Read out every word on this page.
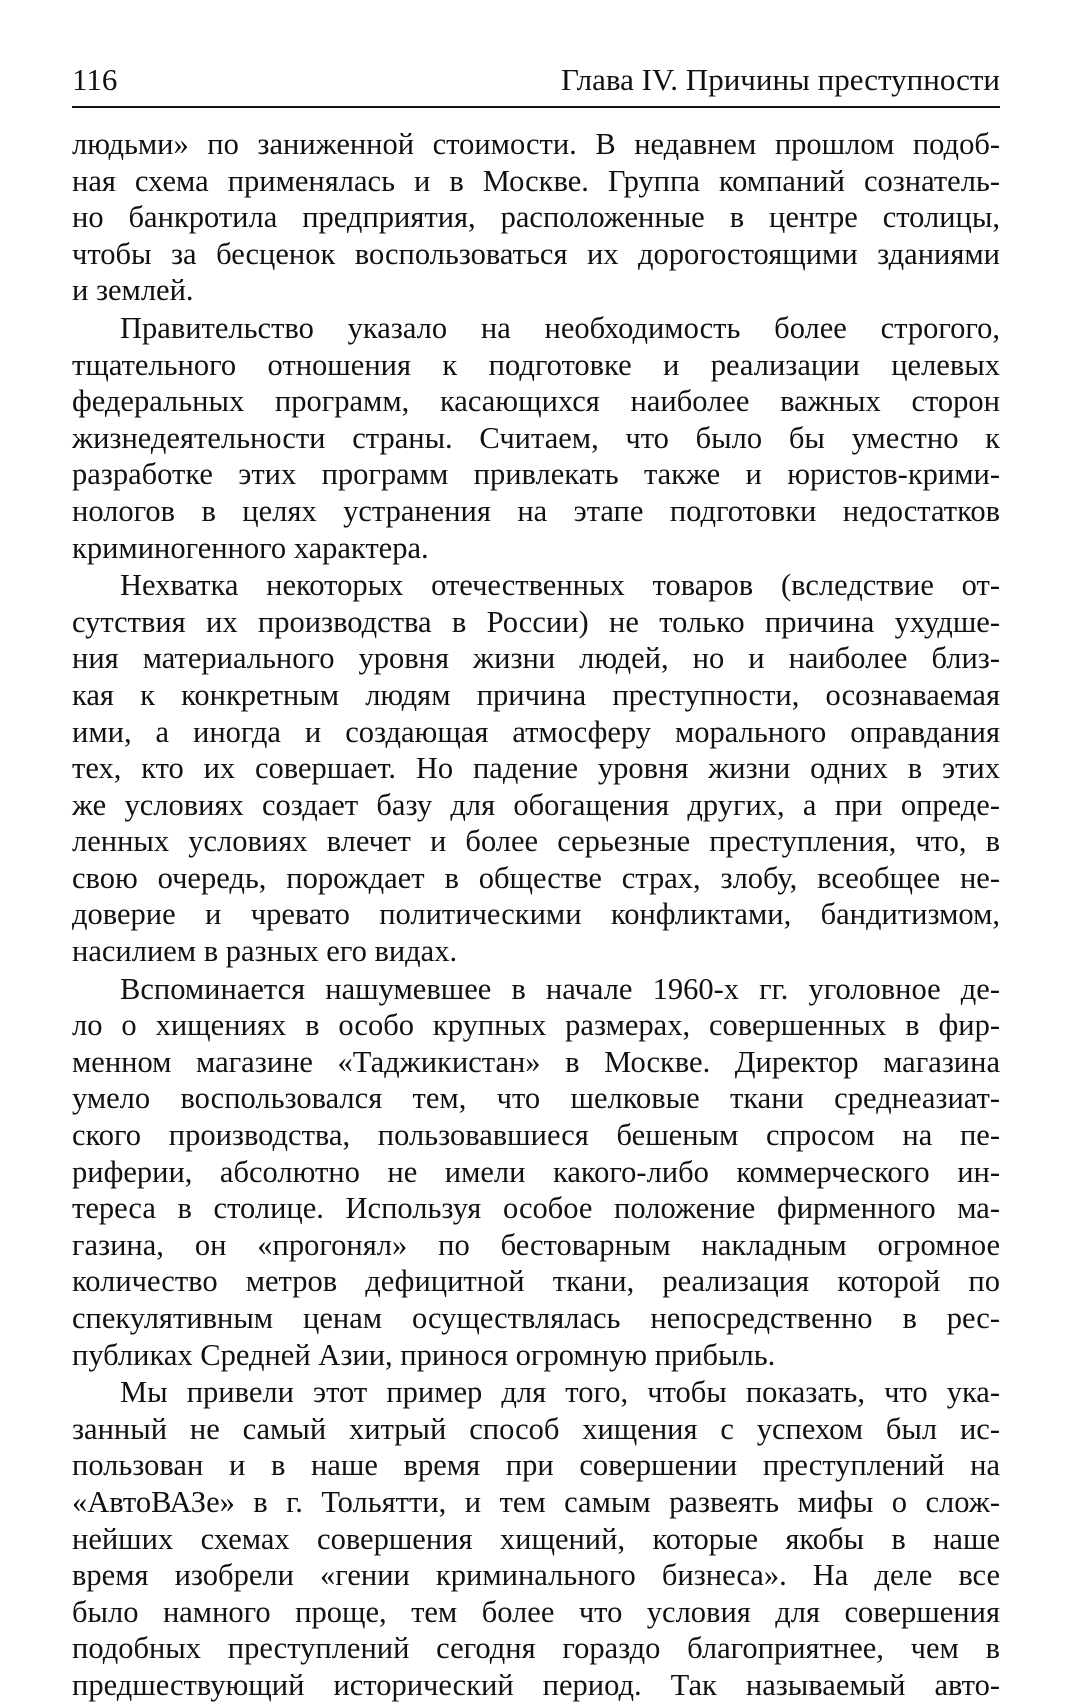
116	Глава IV. Причины преступности

людьми» по заниженной стоимости. В недавнем прошлом подоб-
ная схема применялась и в Москве. Группа компаний сознатель-
но банкротила предприятия, расположенные в центре столицы,
чтобы за бесценок воспользоваться их дорогостоящими зданиями
и землей.

Правительство указало на необходимость более строгого,
тщательного отношения к подготовке и реализации целевых
федеральных программ, касающихся наиболее важных сторон
жизнедеятельности страны. Считаем, что было бы уместно к
разработке этих программ привлекать также и юристов-крими-
нологов в целях устранения на этапе подготовки недостатков
криминогенного характера.

Нехватка некоторых отечественных товаров (вследствие от-
сутствия их производства в России) не только причина ухудше-
ния материального уровня жизни людей, но и наиболее близ-
кая к конкретным людям причина преступности, осознаваемая
ими, а иногда и создающая атмосферу морального оправдания
тех, кто их совершает. Но падение уровня жизни одних в этих
же условиях создает базу для обогащения других, а при опреде-
ленных условиях влечет и более серьезные преступления, что, в
свою очередь, порождает в обществе страх, злобу, всеобщее не-
доверие и чревато политическими конфликтами, бандитизмом,
насилием в разных его видах.

Вспоминается нашумевшее в начале 1960-х гг. уголовное де-
ло о хищениях в особо крупных размерах, совершенных в фир-
менном магазине «Таджикистан» в Москве. Директор магазина
умело воспользовался тем, что шелковые ткани среднеазиат-
ского производства, пользовавшиеся бешеным спросом на пе-
риферии, абсолютно не имели какого-либо коммерческого ин-
тереса в столице. Используя особое положение фирменного ма-
газина, он «прогонял» по бестоварным накладным огромное
количество метров дефицитной ткани, реализация которой по
спекулятивным ценам осуществлялась непосредственно в рес-
публиках Средней Азии, принося огромную прибыль.

Мы привели этот пример для того, чтобы показать, что ука-
занный не самый хитрый способ хищения с успехом был ис-
пользован и в наше время при совершении преступлений на
«АвтоВАЗе» в г. Тольятти, и тем самым развеять мифы о слож-
нейших схемах совершения хищений, которые якобы в наше
время изобрели «гении криминального бизнеса». На деле все
было намного проще, тем более что условия для совершения
подобных преступлений сегодня гораздо благоприятнее, чем в
предшествующий исторический период. Так называемый авто-
